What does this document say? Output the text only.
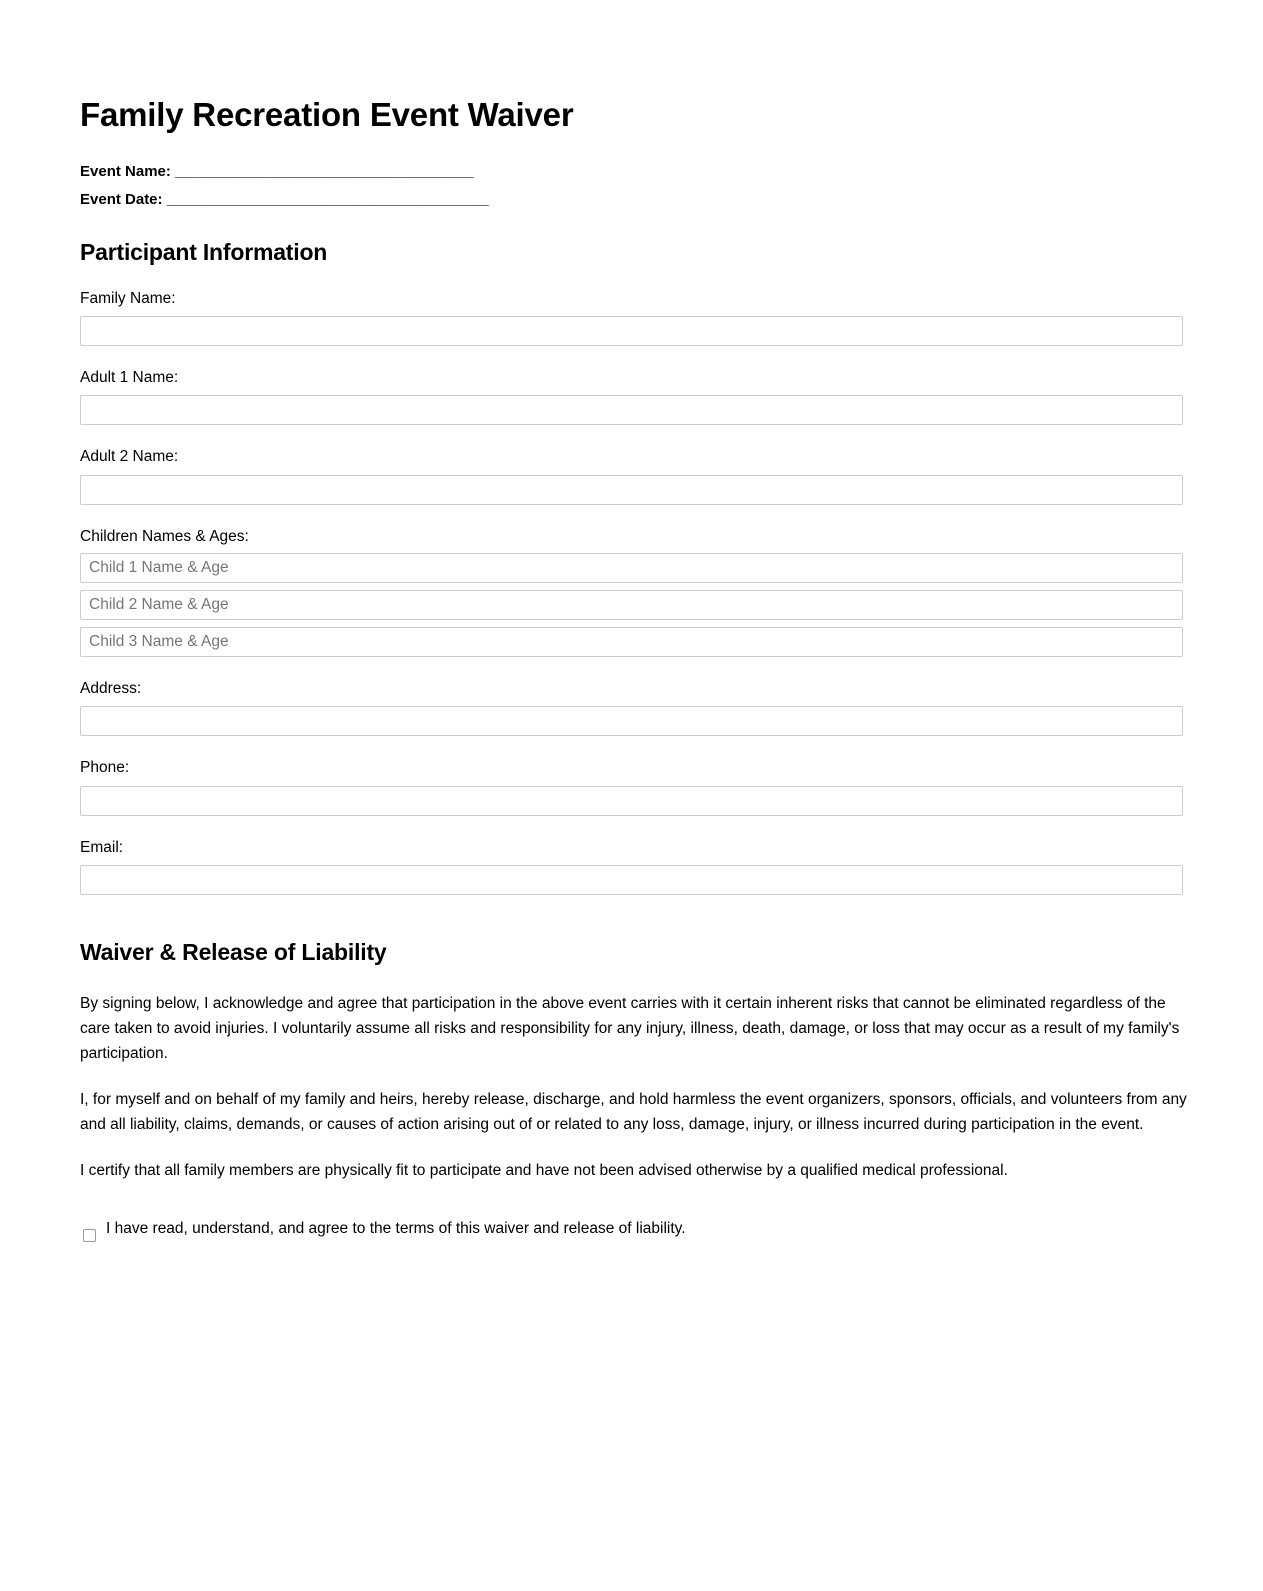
Family Recreation Event Waiver
Event Name: ______________________________________
Event Date: _________________________________________
Participant Information
Family Name:
Adult 1 Name:
Adult 2 Name:
Children Names & Ages:
Child 1 Name & Age
Child 2 Name & Age
Child 3 Name & Age
Address:
Phone:
Email:
Waiver & Release of Liability

By signing below, I acknowledge and agree that participation in the above event carries with it certain inherent risks that cannot be eliminated regardless of the care taken to avoid injuries. I voluntarily assume all risks and responsibility for any injury, illness, death, damage, or loss that may occur as a result of my family's participation.

I, for myself and on behalf of my family and heirs, hereby release, discharge, and hold harmless the event organizers, sponsors, officials, and volunteers from any and all liability, claims, demands, or causes of action arising out of or related to any loss, damage, injury, or illness incurred during participation in the event.

I certify that all family members are physically fit to participate and have not been advised otherwise by a qualified medical professional.

I have read, understand, and agree to the terms of this waiver and release of liability.
